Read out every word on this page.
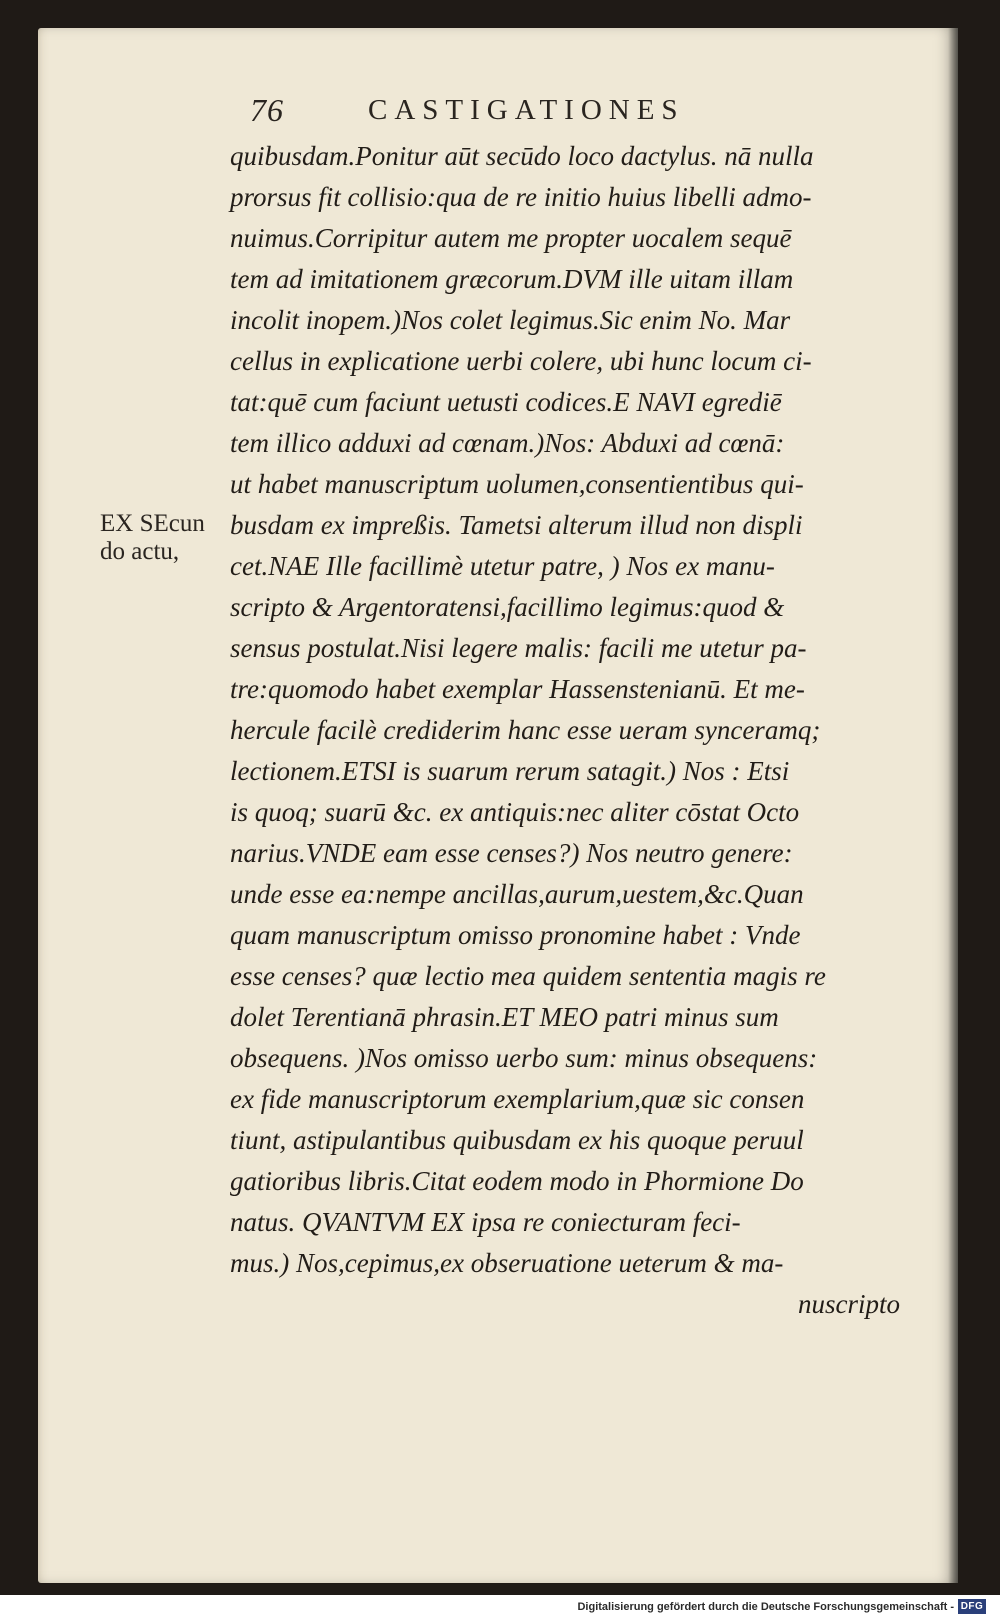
76	CASTIGATIONES
EX SEcun
do actu,
quibusdam.Ponitur aūt secūdo loco dactylus. nā nulla
prorsus fit collisio:qua de re initio huius libelli admo-
nuimus.Corripitur autem me propter uocalem sequē
tem ad imitationem græcorum.DVM ille uitam illam
incolit inopem.)Nos colet legimus.Sic enim No. Mar
cellus in explicatione uerbi colere, ubi hunc locum ci-
tat:quē cum faciunt uetusti codices.E NAVI egrediē
tem illico adduxi ad cœnam.)Nos: Abduxi ad cœnā:
ut habet manuscriptum uolumen,consentientibus qui-
busdam ex impreßis. Tametsi alterum illud non displi
cet.NAE Ille facillimè utetur patre, ) Nos ex manu-
scripto & Argentoratensi,facillimo legimus:quod &
sensus postulat.Nisi legere malis: facili me utetur pa-
tre:quomodo habet exemplar Hassenstenianū. Et me-
hercule facilè crediderim hanc esse ueram synceramq;
lectionem.ETSI is suarum rerum satagit.) Nos : Etsi
is quoq; suarū &c. ex antiquis:nec aliter cōstat Octo
narius.VNDE eam esse censes?) Nos neutro genere:
unde esse ea:nempe ancillas,aurum,uestem,&c.Quan
quam manuscriptum omisso pronomine habet : Vnde
esse censes? quæ lectio mea quidem sententia magis re
dolet Terentianā phrasin.ET MEO patri minus sum
obsequens. )Nos omisso uerbo sum: minus obsequens:
ex fide manuscriptorum exemplarium,quæ sic consen
tiunt, astipulantibus quibusdam ex his quoque peruul
gatioribus libris.Citat eodem modo in Phormione Do
natus. QVANTVM EX ipsa re coniecturam feci-
mus.) Nos,cepimus,ex obseruatione ueterum & ma-
nuscripto
Digitalisierung gefördert durch die Deutsche Forschungsgemeinschaft - DFG
